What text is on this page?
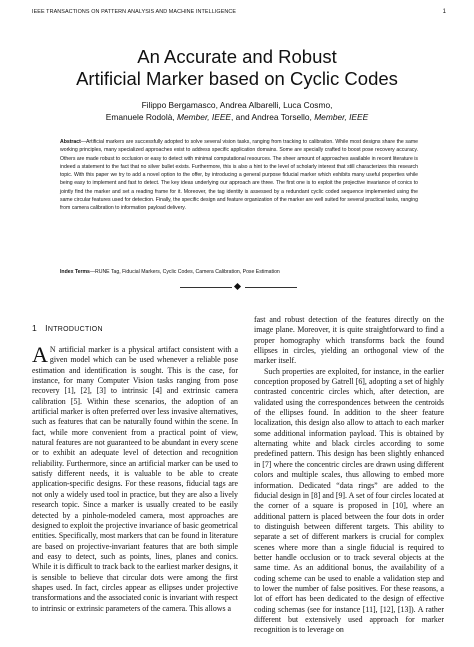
IEEE TRANSACTIONS ON PATTERN ANALYSIS AND MACHINE INTELLIGENCE	1
An Accurate and Robust
Artificial Marker based on Cyclic Codes
Filippo Bergamasco, Andrea Albarelli, Luca Cosmo,
Emanuele Rodolà, Member, IEEE, and Andrea Torsello, Member, IEEE

Abstract—Artificial markers are successfully adopted to solve several vision tasks, ranging from tracking to calibration. While most designs share the same working principles, many specialized approaches exist to address specific application domains. Some are specially crafted to boost pose recovery accuracy. Others are made robust to occlusion or easy to detect with minimal computational resources. The sheer amount of approaches available in recent literature is indeed a statement to the fact that no silver bullet exists. Furthermore, this is also a hint to the level of scholarly interest that still characterizes this research topic. With this paper we try to add a novel option to the offer, by introducing a general purpose fiducial marker which exhibits many useful properties while being easy to implement and fast to detect. The key ideas underlying our approach are three. The first one is to exploit the projective invariance of conics to jointly find the marker and set a reading frame for it. Moreover, the tag identity is assessed by a redundant cyclic coded sequence implemented using the same circular features used for detection. Finally, the specific design and feature organization of the marker are well suited for several practical tasks, ranging from camera calibration to information payload delivery.

Index Terms—RUNE Tag, Fiducial Markers, Cyclic Codes, Camera Calibration, Pose Estimation
1 INTRODUCTION

A N artificial marker is a physical artifact consistent with a given model which can be used whenever a reliable pose estimation and identification is sought. This is the case, for instance, for many Computer Vision tasks ranging from pose recovery [1], [2], [3] to intrinsic [4] and extrinsic camera calibration [5]. Within these scenarios, the adoption of an artificial marker is often preferred over less invasive alternatives, such as features that can be naturally found within the scene. In fact, while more convenient from a practical point of view, natural features are not guaranteed to be abundant in every scene or to exhibit an adequate level of detection and recognition reliability. Furthermore, since an artificial marker can be used to satisfy different needs, it is valuable to be able to create application-specific designs. For these reasons, fiducial tags are not only a widely used tool in practice, but they are also a lively research topic. Since a marker is usually created to be easily detected by a pinhole-modeled camera, most approaches are designed to exploit the projective invariance of basic geometrical entities. Specifically, most markers that can be found in literature are based on projective-invariant features that are both simple and easy to detect, such as points, lines, planes and conics. While it is difficult to track back to the earliest marker designs, it is sensible to believe that circular dots were among the first shapes used. In fact, circles appear as ellipses under projective transformations and the associated conic is invariant with respect to intrinsic or extrinsic parameters of the camera. This allows a

fast and robust detection of the features directly on the image plane. Moreover, it is quite straightforward to find a proper homography which transforms back the found ellipses in circles, yielding an orthogonal view of the marker itself.
Such properties are exploited, for instance, in the earlier conception proposed by Gatrell [6], adopting a set of highly contrasted concentric circles which, after detection, are validated using the correspondences between the centroids of the ellipses found. In addition to the sheer feature localization, this design also allow to attach to each marker some additional information payload. This is obtained by alternating white and black circles according to some predefined pattern. This design has been slightly enhanced in [7] where the concentric circles are drawn using different colors and multiple scales, thus allowing to embed more information. Dedicated “data rings” are added to the fiducial design in [8] and [9]. A set of four circles located at the corner of a square is proposed in [10], where an additional pattern is placed between the four dots in order to distinguish between different targets. This ability to separate a set of different markers is crucial for complex scenes where more than a single fiducial is required to better handle occlusion or to track several objects at the same time. As an additional bonus, the availability of a coding scheme can be used to enable a validation step and to lower the number of false positives. For these reasons, a lot of effort has been dedicated to the design of effective coding schemas (see for instance [11], [12], [13]). A rather different but extensively used approach for marker recognition is to leverage on
